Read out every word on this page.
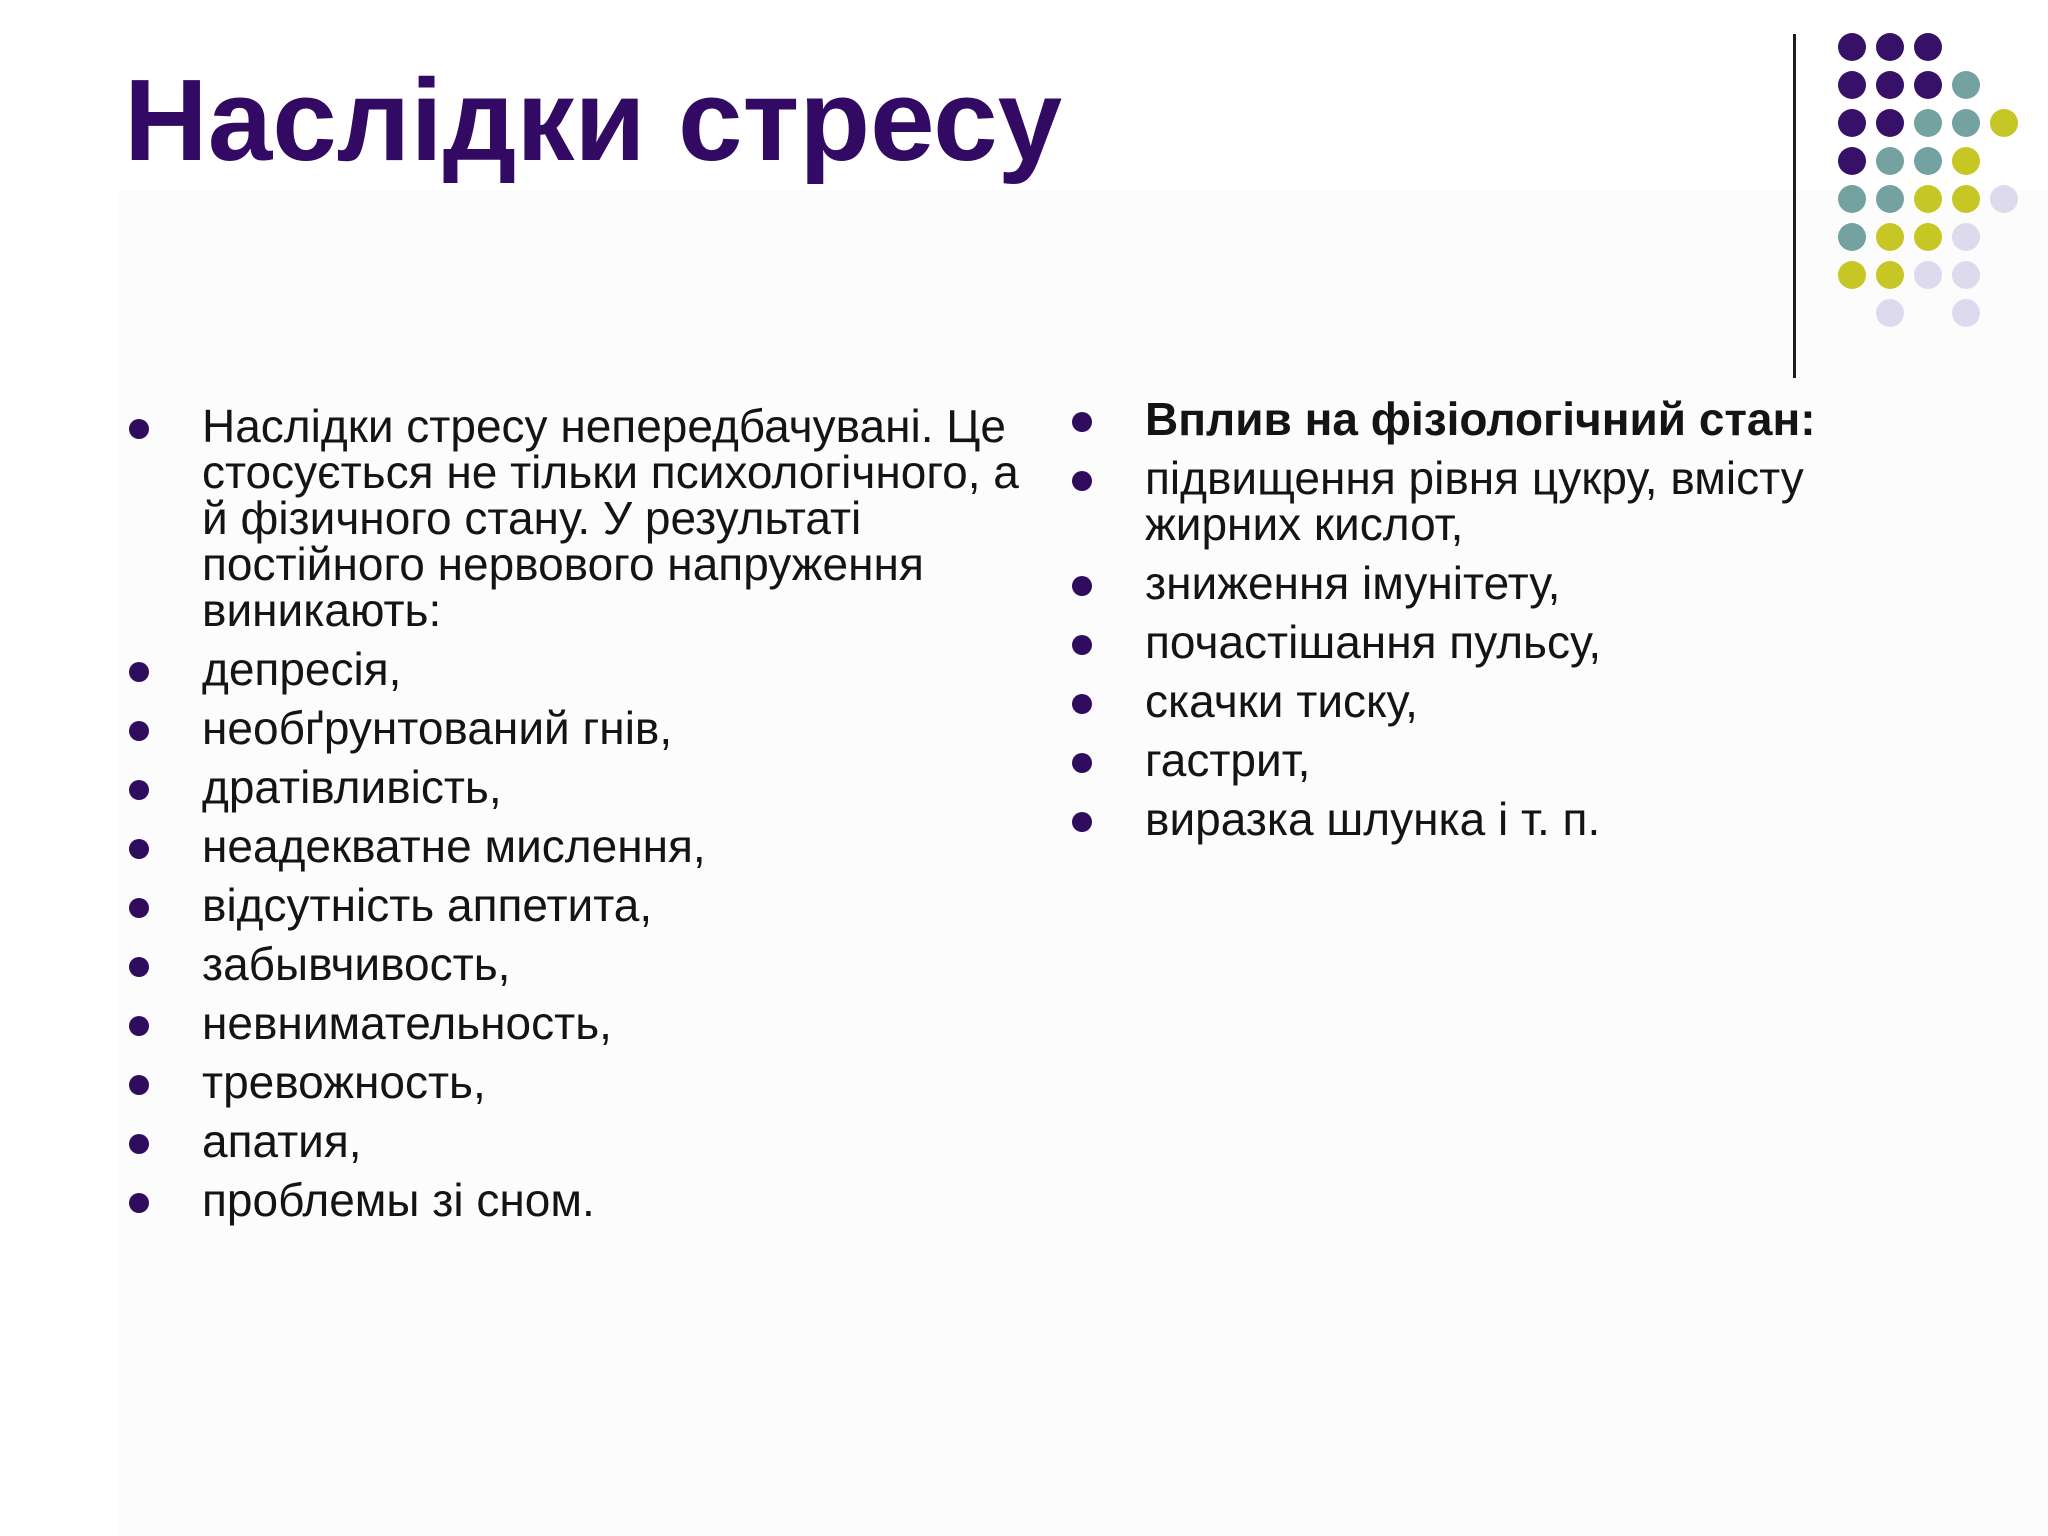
Наслідки стресу
Наслідки стресу непередбачувані. Це стосується не тільки психологічного, а й фізичного стану. У результаті постійного нервового напруження виникають:
депресія,
необґрунтований гнів,
дратівливість,
неадекватне мислення,
відсутність аппетита,
забывчивость,
невнимательность,
тревожность,
апатия,
проблемы зі сном.
Вплив на фізіологічний стан:
підвищення рівня цукру, вмісту жирних кислот,
зниження імунітету,
почастішання пульсу,
скачки тиску,
гастрит,
виразка шлунка і т. п.
